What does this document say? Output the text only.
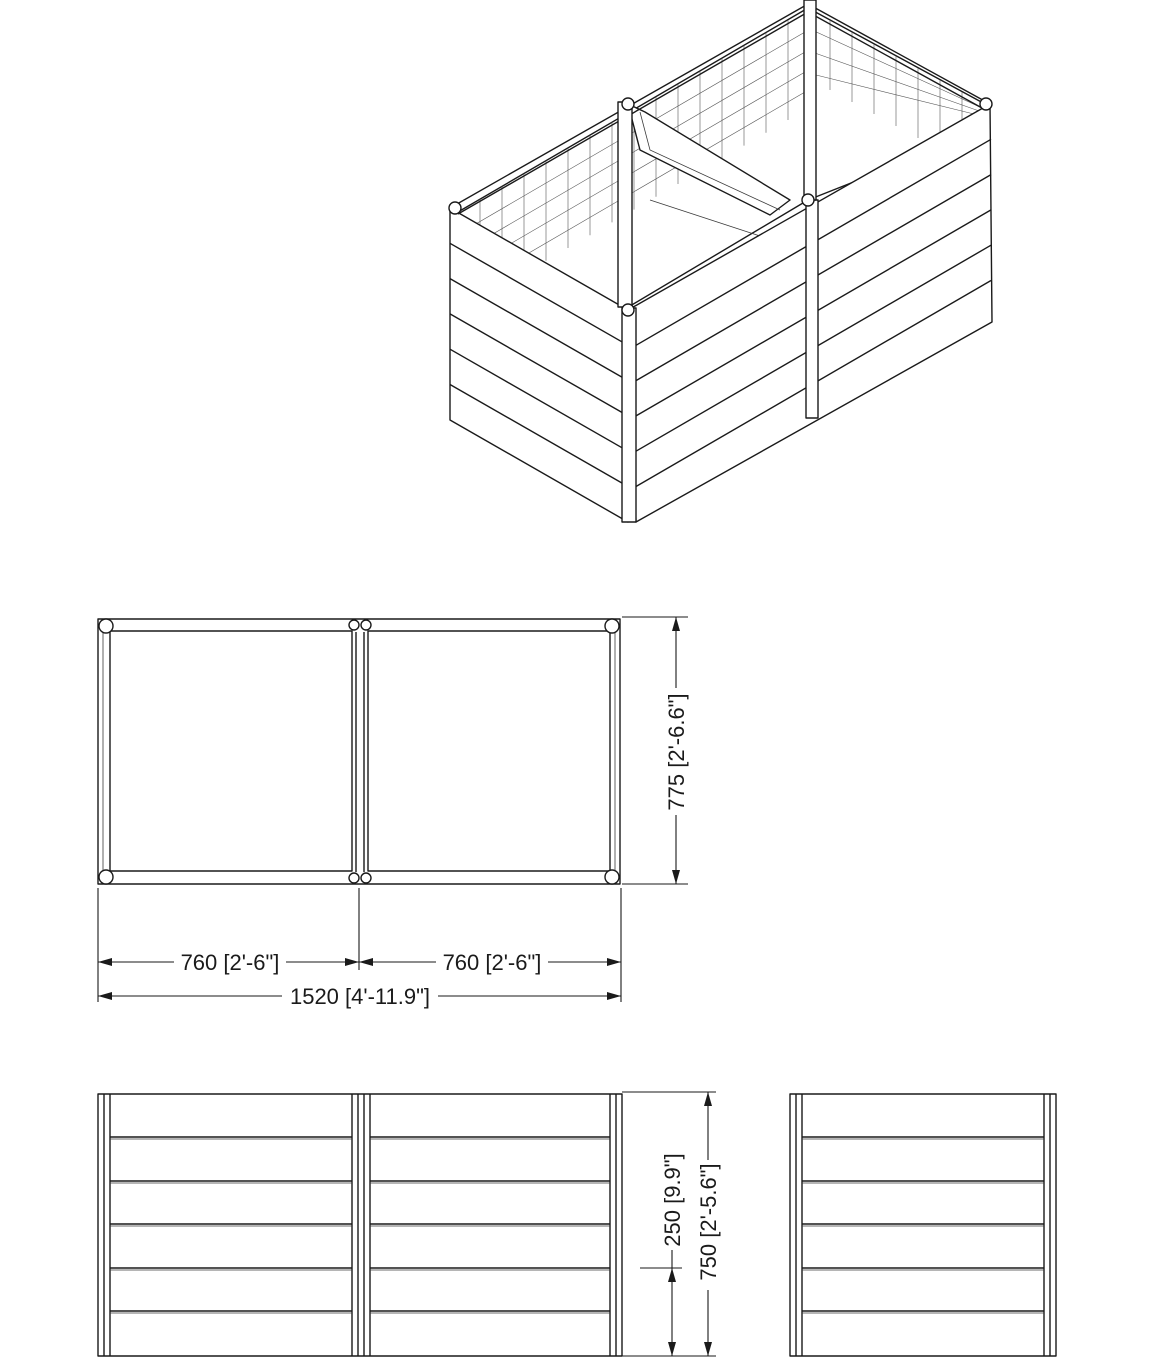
775 [2'-6.6"]
760 [2'-6"]	760 [2'-6"]
1520 [4'-11.9"]
250 [9.9"] 750 [2'-5.6"]
